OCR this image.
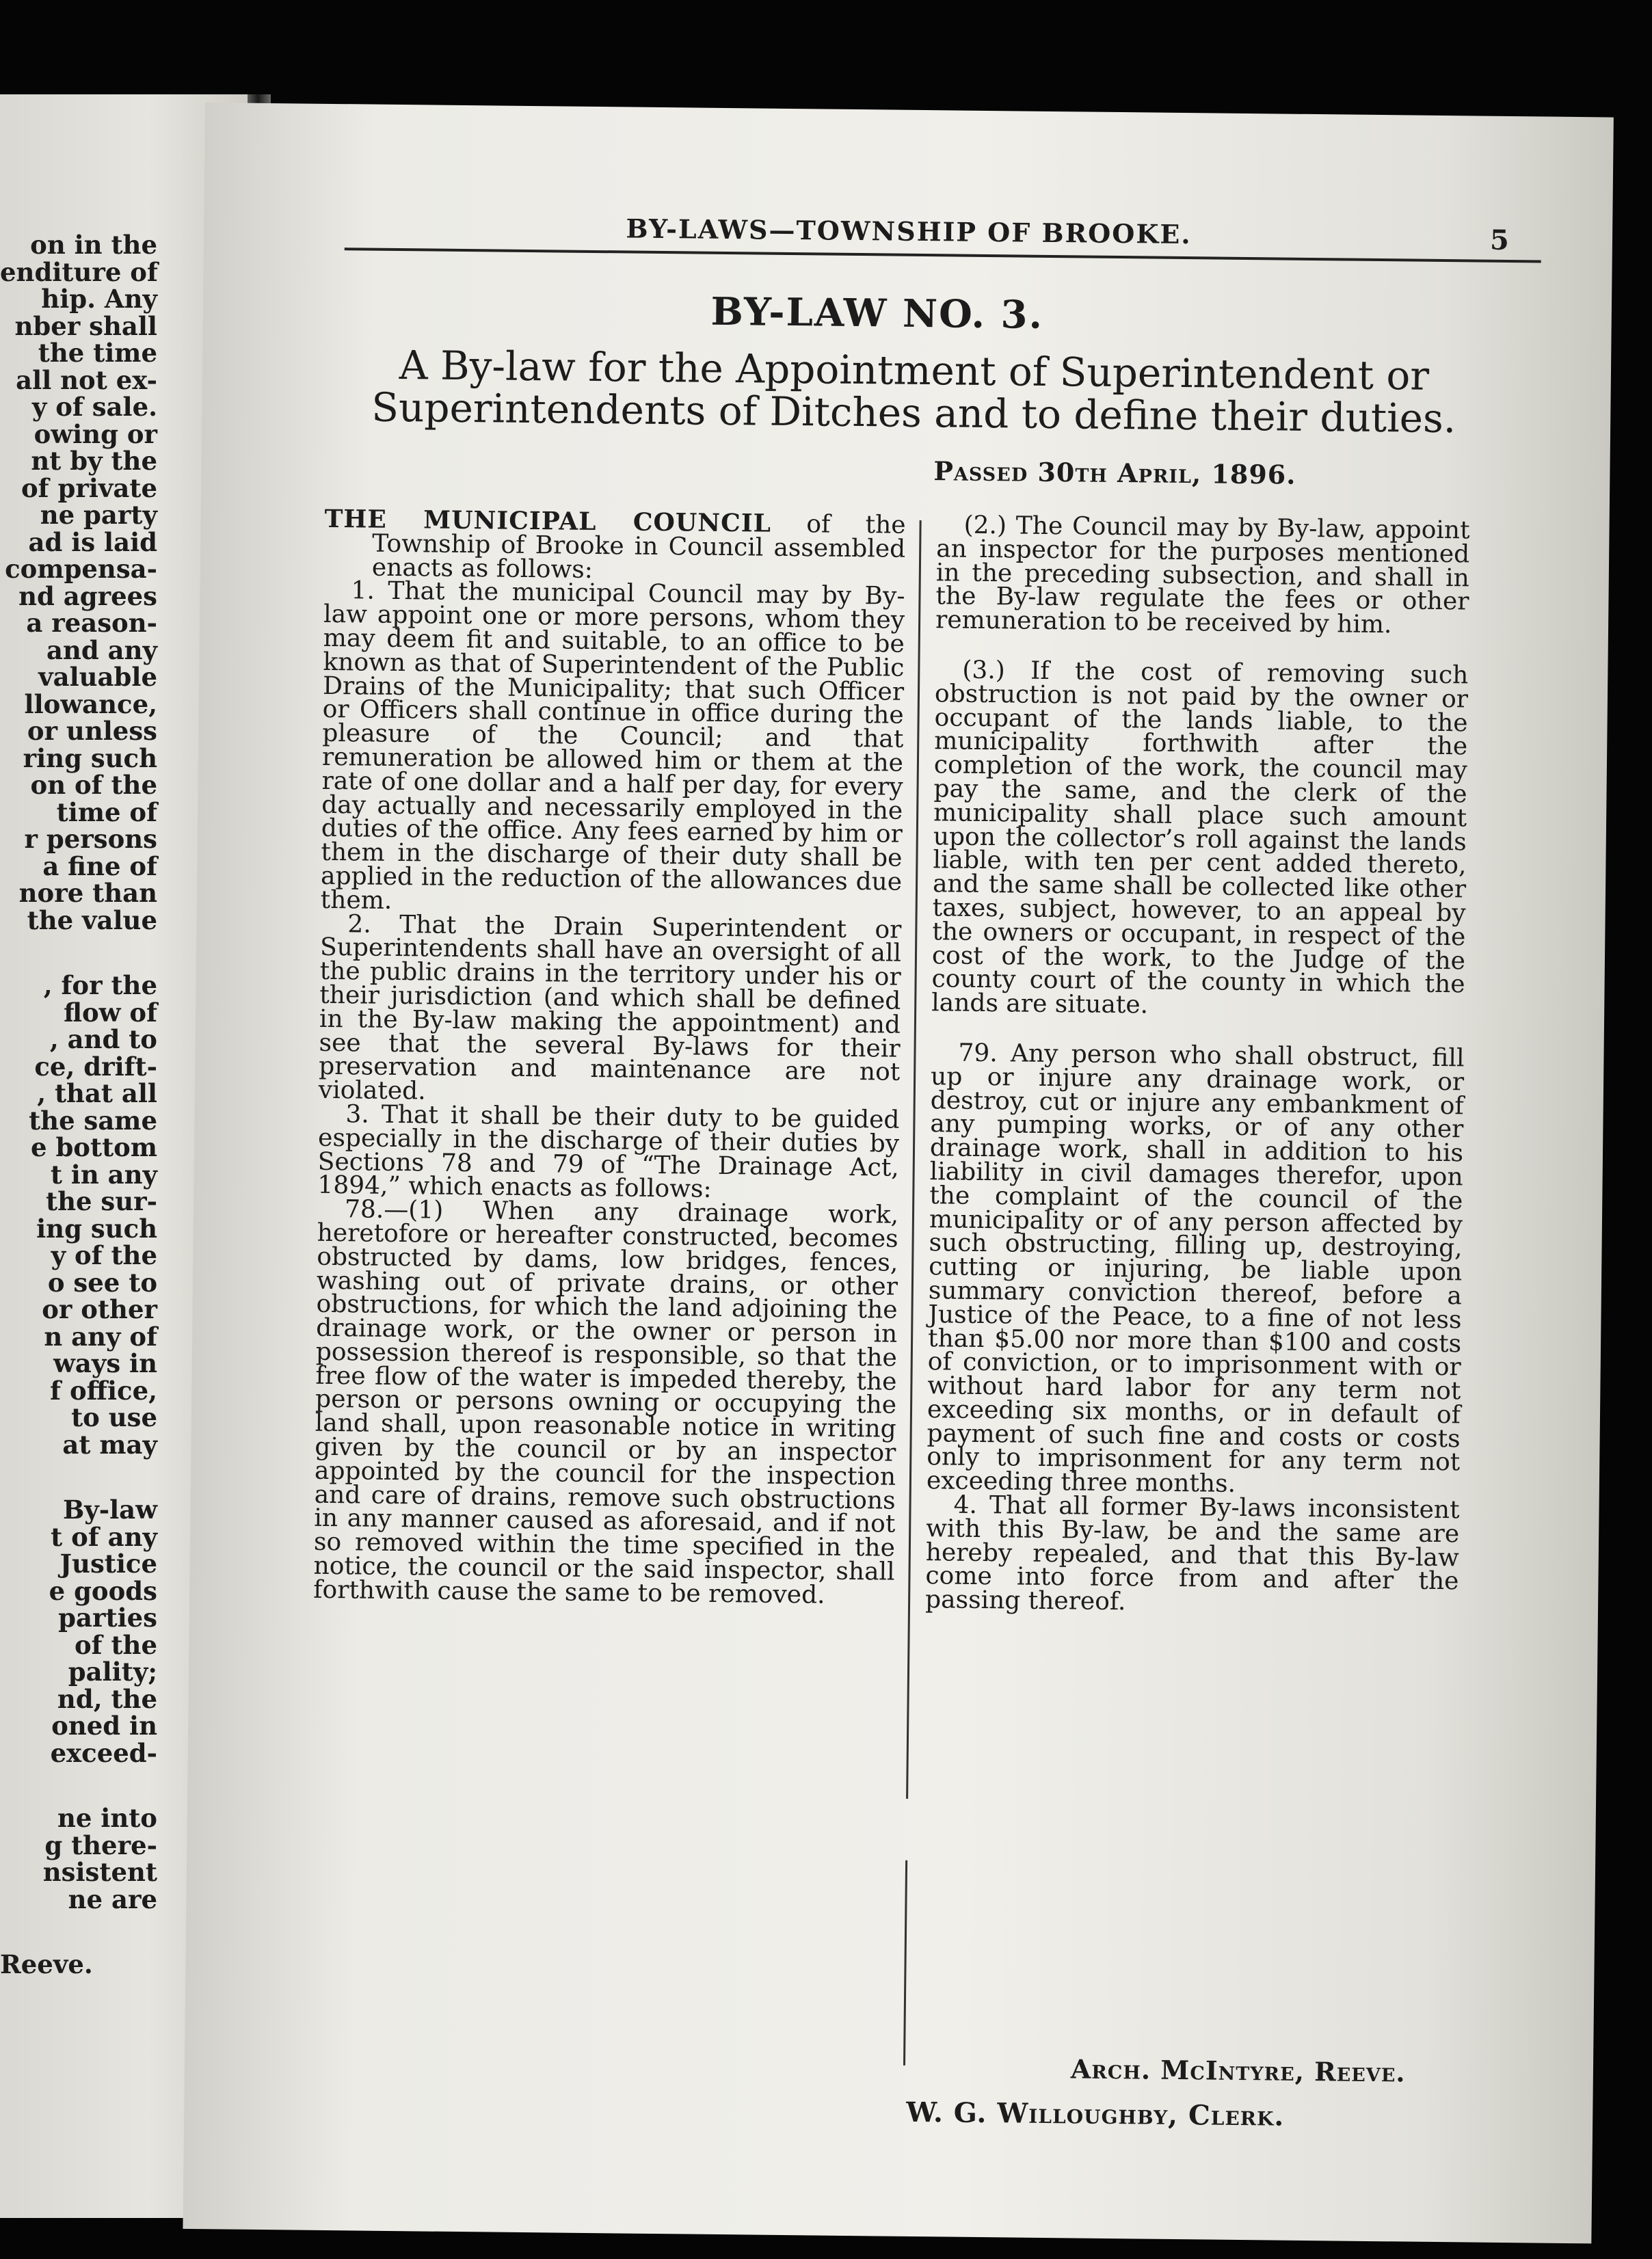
on in the
enditure of
hip. Any
nber shall
the time
all not ex-
y of sale.
owing or
nt by the
of private
ne party
ad is laid
compensa-
nd agrees
a reason-
and any
valuable
llowance,
or unless
ring such
on of the
time of
r persons
a fine of
nore than
the value
, for the
flow of
, and to
ce, drift-
, that all
the same
e bottom
t in any
the sur-
ing such
y of the
o see to
or other
n any of
ways in
f office,
to use
at may
By-law
t of any
Justice
e goods
parties
of the
pality;
nd, the
oned in
exceed-
ne into
g there-
nsistent
ne are
Reeve.
BY-LAWS—TOWNSHIP OF BROOKE.	5
BY-LAW NO. 3.
A By-law for the Appointment of Superintendent or Superintendents of Ditches and to define their duties.
Passed 30th April, 1896.

THE MUNICIPAL COUNCIL of the Township of Brooke in Council assembled enacts as follows:

1. That the municipal Council may by By-law appoint one or more persons, whom they may deem fit and suitable, to an office to be known as that of Superintendent of the Public Drains of the Municipality; that such Officer or Officers shall continue in office during the pleasure of the Council; and that remuneration be allowed him or them at the rate of one dollar and a half per day, for every day actually and necessarily employed in the duties of the office. Any fees earned by him or them in the discharge of their duty shall be applied in the reduction of the allowances due them.

2. That the Drain Superintendent or Superintendents shall have an oversight of all the public drains in the territory under his or their jurisdiction (and which shall be defined in the By-law making the appointment) and see that the several By-laws for their preservation and maintenance are not violated.

3. That it shall be their duty to be guided especially in the discharge of their duties by Sections 78 and 79 of “The Drainage Act, 1894,” which enacts as follows:

78.—(1) When any drainage work, heretofore or hereafter constructed, becomes obstructed by dams, low bridges, fences, washing out of private drains, or other obstructions, for which the land adjoining the drainage work, or the owner or person in possession thereof is responsible, so that the free flow of the water is impeded thereby, the person or persons owning or occupying the land shall, upon reasonable notice in writing given by the council or by an inspector appointed by the council for the inspection and care of drains, remove such obstructions in any manner caused as aforesaid, and if not so removed within the time specified in the notice, the council or the said inspector, shall forthwith cause the same to be removed.

(2.) The Council may by By-law, appoint an inspector for the purposes mentioned in the preceding subsection, and shall in the By-law regulate the fees or other remuneration to be received by him.

(3.) If the cost of removing such obstruction is not paid by the owner or occupant of the lands liable, to the municipality forthwith after the completion of the work, the council may pay the same, and the clerk of the municipality shall place such amount upon the collector’s roll against the lands liable, with ten per cent added thereto, and the same shall be collected like other taxes, subject, however, to an appeal by the owners or occupant, in respect of the cost of the work, to the Judge of the county court of the county in which the lands are situate.

79. Any person who shall obstruct, fill up or injure any drainage work, or destroy, cut or injure any embankment of any pumping works, or of any other drainage work, shall in addition to his liability in civil damages therefor, upon the complaint of the council of the municipality or of any person affected by such obstructing, filling up, destroying, cutting or injuring, be liable upon summary conviction thereof, before a Justice of the Peace, to a fine of not less than $5.00 nor more than $100 and costs of conviction, or to imprisonment with or without hard labor for any term not exceeding six months, or in default of payment of such fine and costs or costs only to imprisonment for any term not exceeding three months.

4. That all former By-laws inconsistent with this By-law, be and the same are hereby repealed, and that this By-law come into force from and after the passing thereof.

Arch. McIntyre, Reeve.
W. G. Willoughby, Clerk.
